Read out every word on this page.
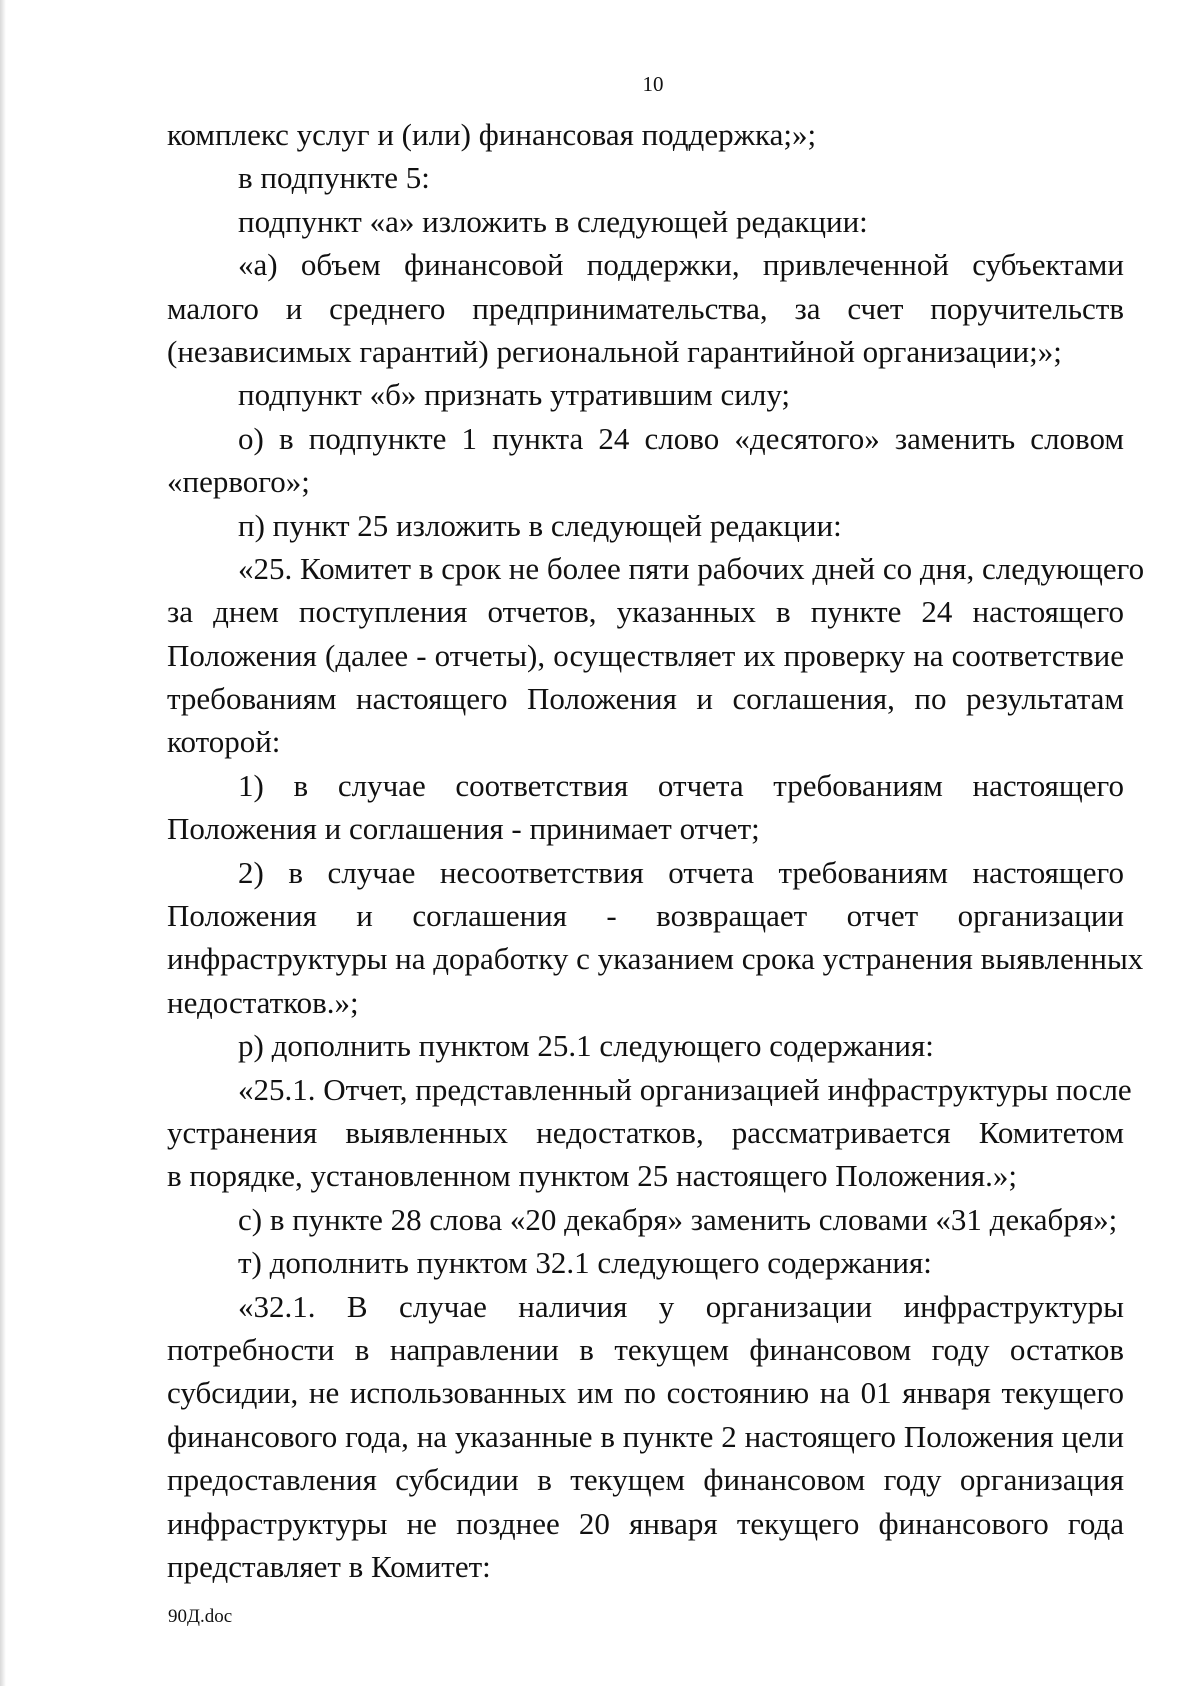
10
комплекс услуг и (или) финансовая поддержка;»;
в подпункте 5:
подпункт «а» изложить в следующей редакции:
«а) объем финансовой поддержки, привлеченной субъектами
малого и среднего предпринимательства, за счет поручительств
(независимых гарантий) региональной гарантийной организации;»;
подпункт «б» признать утратившим силу;
о) в подпункте 1 пункта 24 слово «десятого» заменить словом
«первого»;
п) пункт 25 изложить в следующей редакции:
«25. Комитет в срок не более пяти рабочих дней со дня, следующего
за днем поступления отчетов, указанных в пункте 24 настоящего
Положения (далее - отчеты), осуществляет их проверку на соответствие
требованиям настоящего Положения и соглашения, по результатам
которой:
1) в случае соответствия отчета требованиям настоящего
Положения и соглашения - принимает отчет;
2) в случае несоответствия отчета требованиям настоящего
Положения и соглашения - возвращает отчет организации
инфраструктуры на доработку с указанием срока устранения выявленных
недостатков.»;
р) дополнить пунктом 25.1 следующего содержания:
«25.1. Отчет, представленный организацией инфраструктуры после
устранения выявленных недостатков, рассматривается Комитетом
в порядке, установленном пунктом 25 настоящего Положения.»;
с) в пункте 28 слова «20 декабря» заменить словами «31 декабря»;
т) дополнить пунктом 32.1 следующего содержания:
«32.1. В случае наличия у организации инфраструктуры
потребности в направлении в текущем финансовом году остатков
субсидии, не использованных им по состоянию на 01 января текущего
финансового года, на указанные в пункте 2 настоящего Положения цели
предоставления субсидии в текущем финансовом году организация
инфраструктуры не позднее 20 января текущего финансового года
представляет в Комитет:
90Д.doc
